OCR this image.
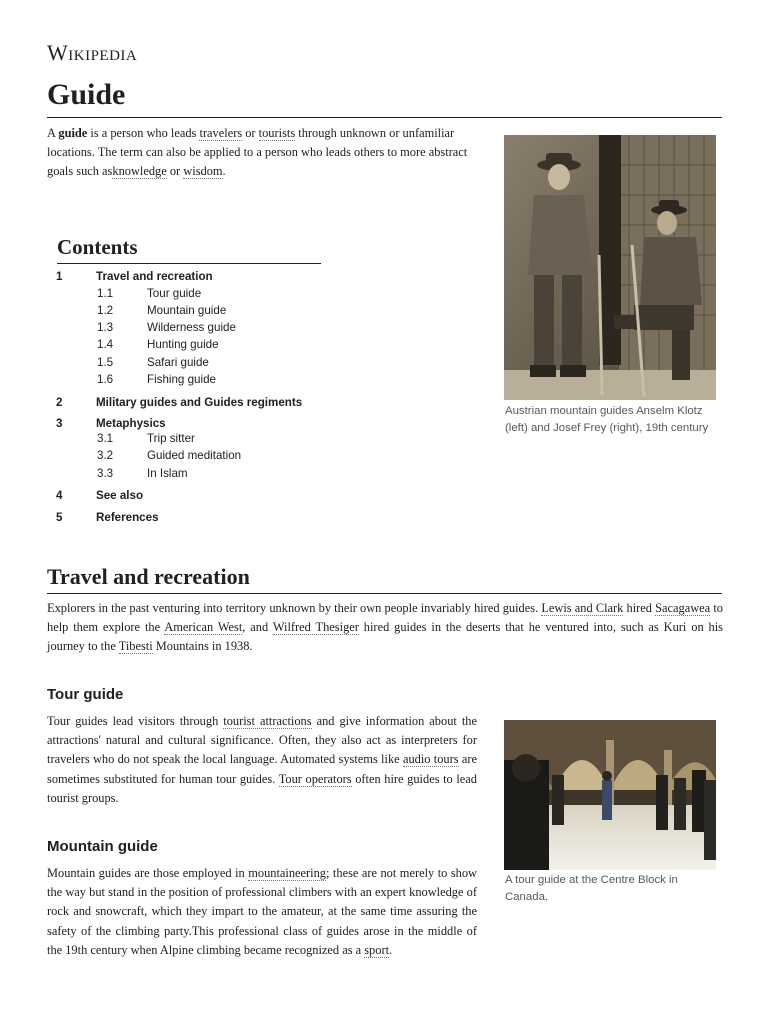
Wikipedia
Guide

A guide is a person who leads travelers or tourists through unknown or unfamiliar locations. The term can also be applied to a person who leads others to more abstract goals such asknowledge or wisdom.

Austrian mountain guides Anselm Klotz (left) and Josef Frey (right), 19th century
Contents
1	Travel and recreation
1.1	Tour guide
1.2	Mountain guide
1.3	Wilderness guide
1.4	Hunting guide
1.5	Safari guide
1.6	Fishing guide
2	Military guides and Guides regiments
3	Metaphysics
3.1	Trip sitter
3.2	Guided meditation
3.3	In Islam
4	See also
5	References
Travel and recreation

Explorers in the past venturing into territory unknown by their own people invariably hired guides. Lewis and Clark hired Sacagawea to help them explore the American West, and Wilfred Thesiger hired guides in the deserts that he ventured into, such as Kuri on his journey to the Tibesti Mountains in 1938.

Tour guide

Tour guides lead visitors through tourist attractions and give information about the attractions' natural and cultural significance. Often, they also act as interpreters for travelers who do not speak the local language. Automated systems like audio tours are sometimes substituted for human tour guides. Tour operators often hire guides to lead tourist groups.

A tour guide at the Centre Block in Canada.
Mountain guide

Mountain guides are those employed in mountaineering; these are not merely to show the way but stand in the position of professional climbers with an expert knowledge of rock and snowcraft, which they impart to the amateur, at the same time assuring the safety of the climbing party.This professional class of guides arose in the middle of the 19th century when Alpine climbing became recognized as a sport.
